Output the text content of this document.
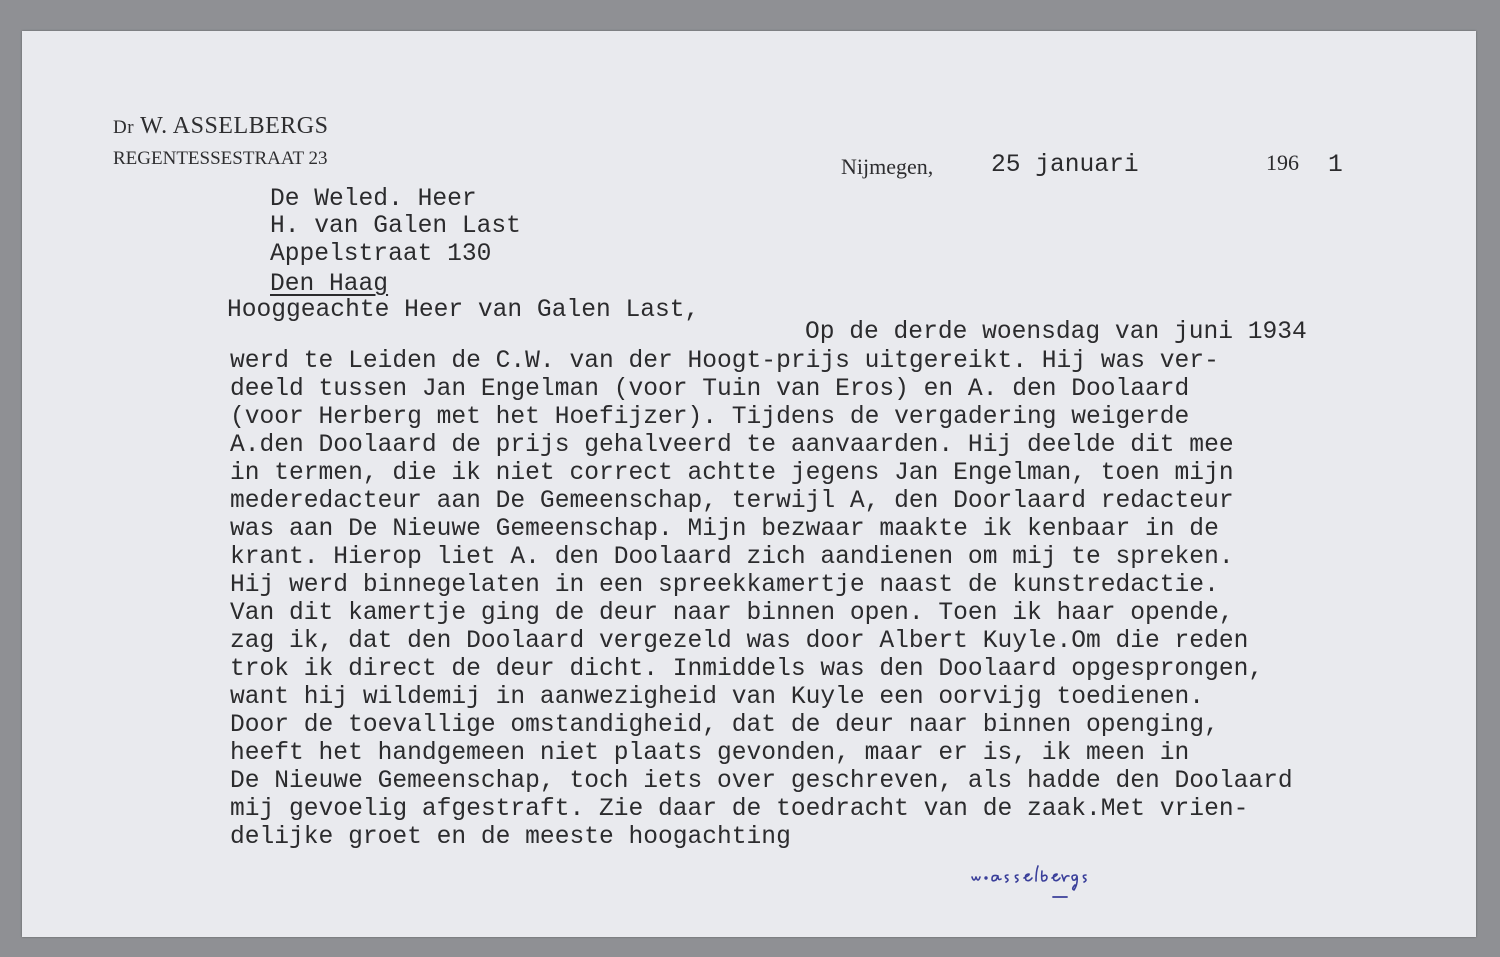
Dr W. ASSELBERGS
REGENTESSESTRAAT 23	Nijmegen, 25 januari	196 1
De Weled. Heer
H. van Galen Last
Appelstraat 130
Den Haag
Hooggeachte Heer van Galen Last,
Op de derde woensdag van juni 1934
werd te Leiden de C.W. van der Hoogt-prijs uitgereikt. Hij was ver-
deeld tussen Jan Engelman (voor Tuin van Eros) en A. den Doolaard
(voor Herberg met het Hoefijzer). Tijdens de vergadering weigerde
A.den Doolaard de prijs gehalveerd te aanvaarden. Hij deelde dit mee
in termen, die ik niet correct achtte jegens Jan Engelman, toen mijn
mederedacteur aan De Gemeenschap, terwijl A, den Doorlaard redacteur
was aan De Nieuwe Gemeenschap. Mijn bezwaar maakte ik kenbaar in de
krant. Hierop liet A. den Doolaard zich aandienen om mij te spreken.
Hij werd binnegelaten in een spreekkamertje naast de kunstredactie.
Van dit kamertje ging de deur naar binnen open. Toen ik haar opende,
zag ik, dat den Doolaard vergezeld was door Albert Kuyle.Om die reden
trok ik direct de deur dicht. Inmiddels was den Doolaard opgesprongen,
want hij wildemij in aanwezigheid van Kuyle een oorvijg toedienen.
Door de toevallige omstandigheid, dat de deur naar binnen openging,
heeft het handgemeen niet plaats gevonden, maar er is, ik meen in
De Nieuwe Gemeenschap, toch iets over geschreven, als hadde den Doolaard
mij gevoelig afgestraft. Zie daar de toedracht van de zaak.Met vrien-
delijke groet en de meeste hoogachting
